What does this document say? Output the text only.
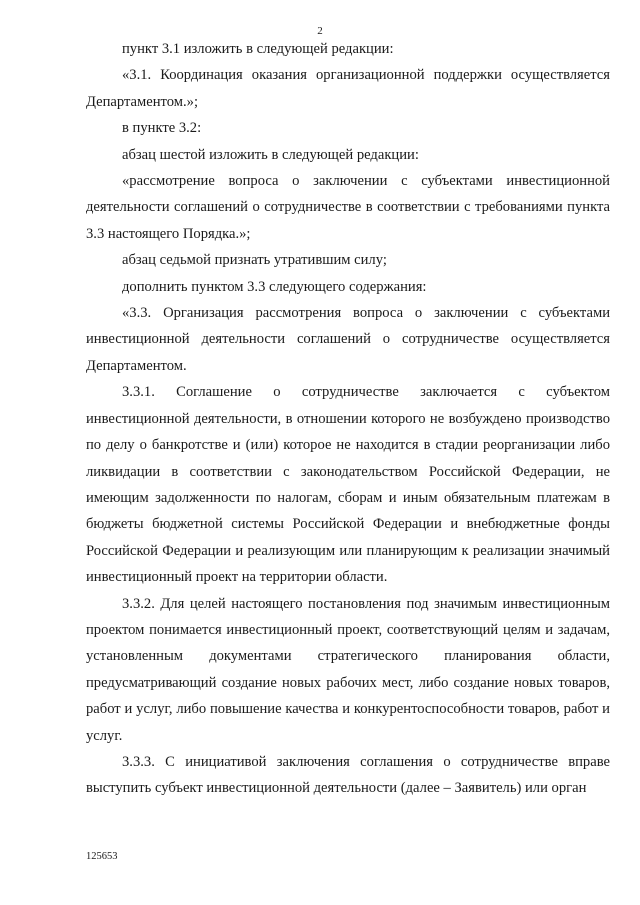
2

пункт 3.1 изложить в следующей редакции:

«3.1. Координация оказания организационной поддержки осуществляется Департаментом.»;

в пункте 3.2:

абзац шестой изложить в следующей редакции:

«рассмотрение вопроса о заключении с субъектами инвестиционной деятельности соглашений о сотрудничестве в соответствии с требованиями пункта 3.3 настоящего Порядка.»;

абзац седьмой признать утратившим силу;

дополнить пунктом 3.3 следующего содержания:

«3.3. Организация рассмотрения вопроса о заключении с субъектами инвестиционной деятельности соглашений о сотрудничестве осуществляется Департаментом.

3.3.1. Соглашение о сотрудничестве заключается с субъектом инвестиционной деятельности, в отношении которого не возбуждено производство по делу о банкротстве и (или) которое не находится в стадии реорганизации либо ликвидации в соответствии с законодательством Российской Федерации, не имеющим задолженности по налогам, сборам и иным обязательным платежам в бюджеты бюджетной системы Российской Федерации и внебюджетные фонды Российской Федерации и реализующим или планирующим к реализации значимый инвестиционный проект на территории области.

3.3.2. Для целей настоящего постановления под значимым инвестиционным проектом понимается инвестиционный проект, соответствующий целям и задачам, установленным документами стратегического планирования области, предусматривающий создание новых рабочих мест, либо создание новых товаров, работ и услуг, либо повышение качества и конкурентоспособности товаров, работ и услуг.

3.3.3. С инициативой заключения соглашения о сотрудничестве вправе выступить субъект инвестиционной деятельности (далее – Заявитель) или орган

125653
